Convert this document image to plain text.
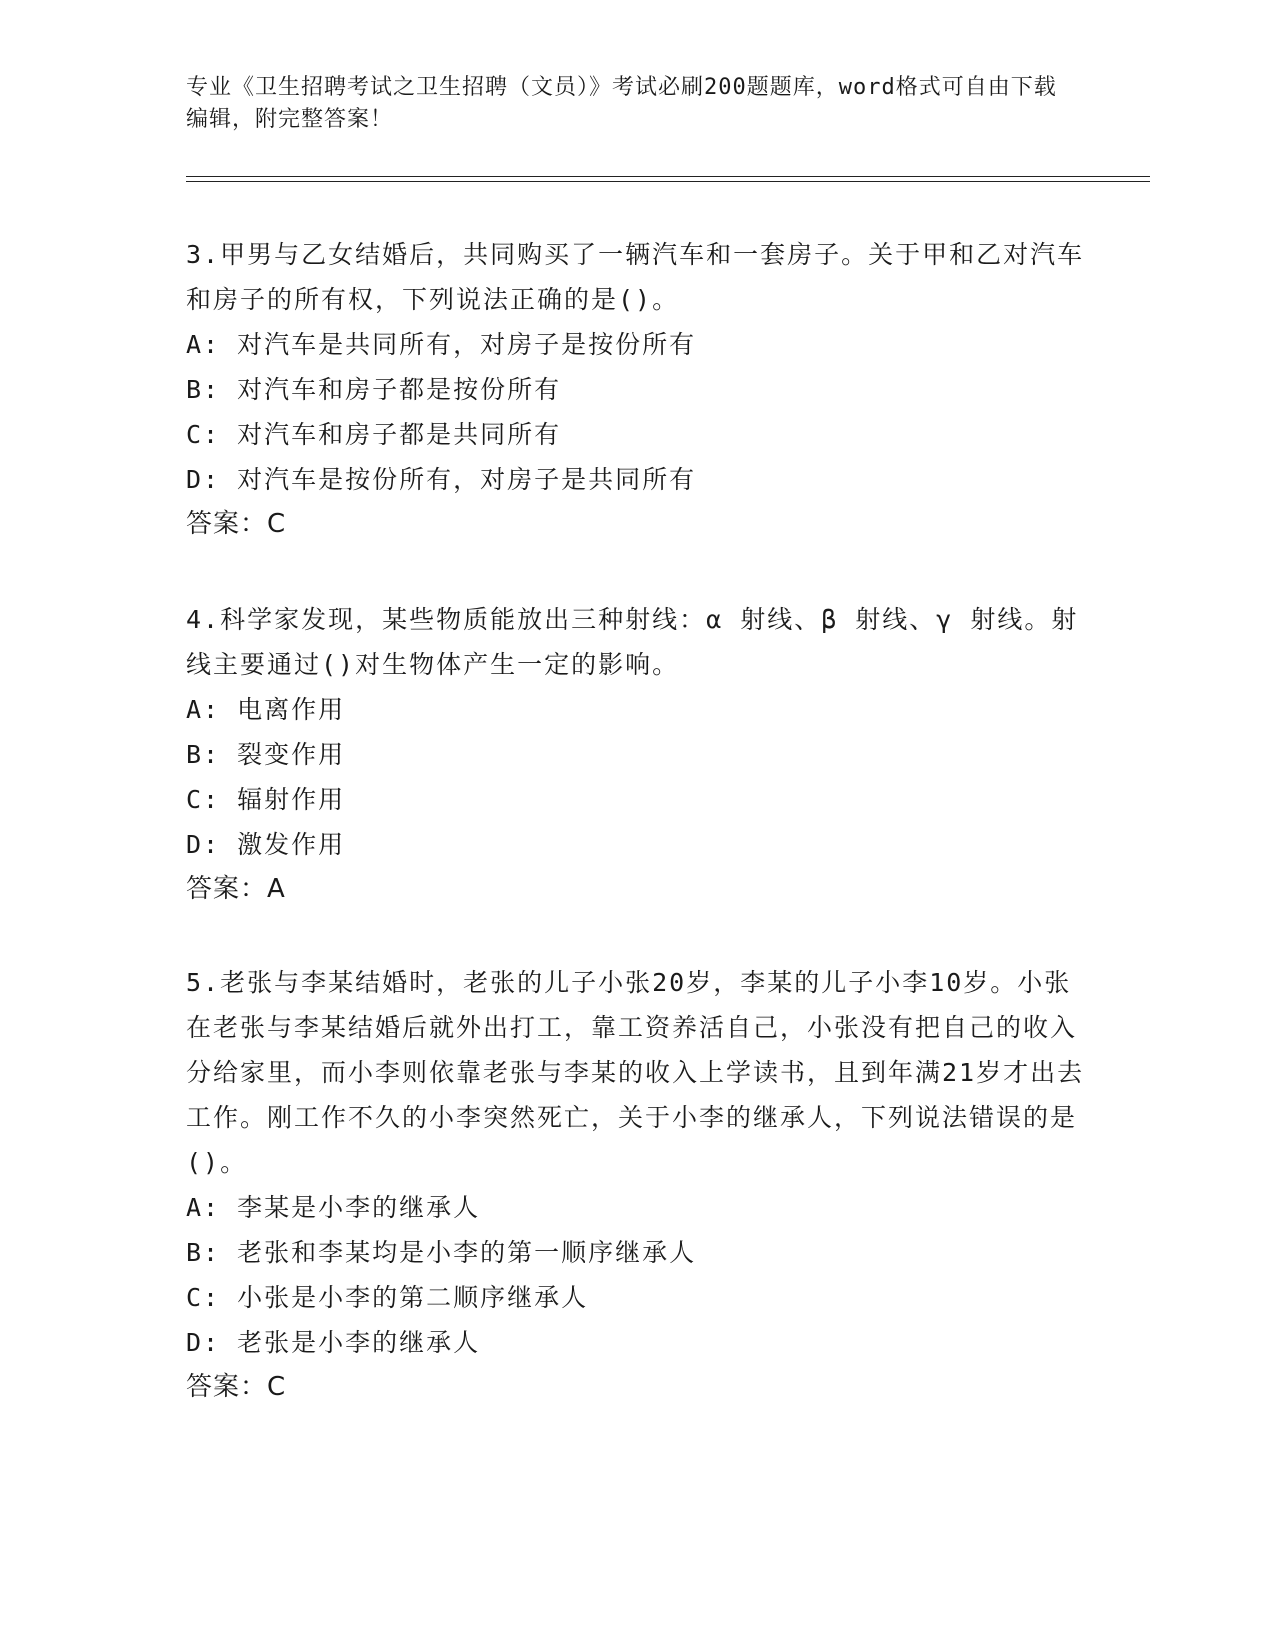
专业《卫生招聘考试之卫生招聘（文员）》考试必刷200题题库，word格式可自由下载编辑，附完整答案！

3.甲男与乙女结婚后，共同购买了一辆汽车和一套房子。关于甲和乙对汽车和房子的所有权，下列说法正确的是()。

A: 对汽车是共同所有，对房子是按份所有

B: 对汽车和房子都是按份所有

C: 对汽车和房子都是共同所有

D: 对汽车是按份所有，对房子是共同所有

答案：C

4.科学家发现，某些物质能放出三种射线：α 射线、β 射线、γ 射线。射线主要通过()对生物体产生一定的影响。

A: 电离作用

B: 裂变作用

C: 辐射作用

D: 激发作用

答案：A

5.老张与李某结婚时，老张的儿子小张20岁，李某的儿子小李10岁。小张在老张与李某结婚后就外出打工，靠工资养活自己，小张没有把自己的收入分给家里，而小李则依靠老张与李某的收入上学读书，且到年满21岁才出去工作。刚工作不久的小李突然死亡，关于小李的继承人，下列说法错误的是()。

A: 李某是小李的继承人

B: 老张和李某均是小李的第一顺序继承人

C: 小张是小李的第二顺序继承人

D: 老张是小李的继承人

答案：C
